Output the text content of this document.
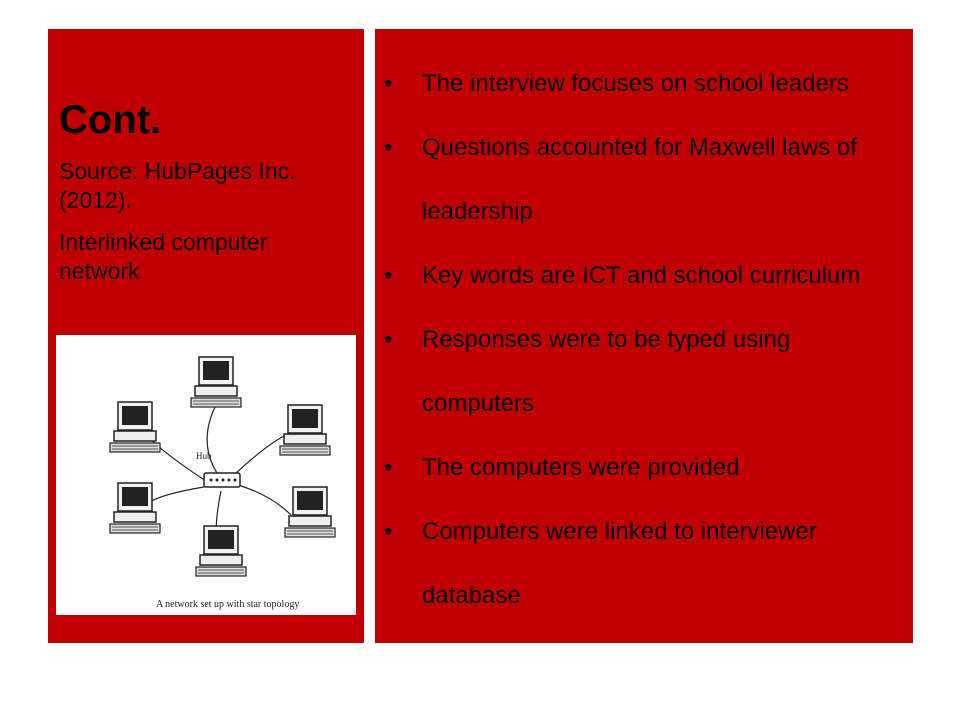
Cont.

Source: HubPages Inc. (2012).

Interlinked computer network

Hub
A network set up with star topology
•	The interview focuses on school leaders
•	Questions accounted for Maxwell laws of leadership
•	Key words are ICT and school curriculum
•	Responses were to be typed using computers
•	The computers were provided
•	Computers were linked to interviewer database
